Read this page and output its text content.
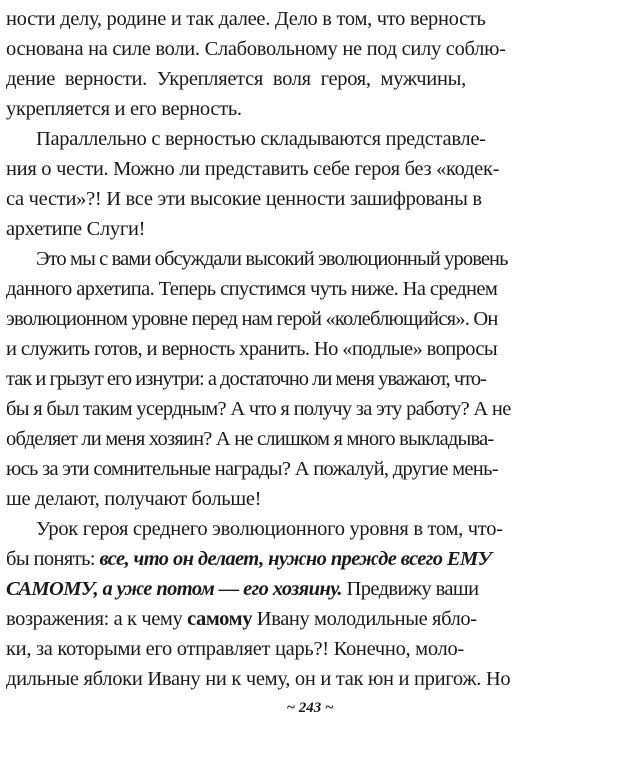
ности делу, родине и так далее. Дело в том, что верность
основана на силе воли. Слабовольному не под силу соблю-
дение верности. Укрепляется воля героя, мужчины,
укрепляется и его верность.
Параллельно с верностью складываются представле-
ния о чести. Можно ли представить себе героя без «кодек-
са чести»?! И все эти высокие ценности зашифрованы в
архетипе Слуги!
Это мы с вами обсуждали высокий эволюционный уровень
данного архетипа. Теперь спустимся чуть ниже. На среднем
эволюционном уровне перед нам герой «колеблющийся». Он
и служить готов, и верность хранить. Но «подлые» вопросы
так и грызут его изнутри: а достаточно ли меня уважают, что-
бы я был таким усердным? А что я получу за эту работу? А не
обделяет ли меня хозяин? А не слишком я много выкладыва-
юсь за эти сомнительные награды? А пожалуй, другие мень-
ше делают, получают больше!
Урок героя среднего эволюционного уровня в том, что-
бы понять: все, что он делает, нужно прежде всего ЕМУ
САМОМУ, а уже потом — его хозяину. Предвижу ваши
возражения: а к чему самому Ивану молодильные ябло-
ки, за которыми его отправляет царь?! Конечно, моло-
дильные яблоки Ивану ни к чему, он и так юн и пригож. Но
~ 243 ~
